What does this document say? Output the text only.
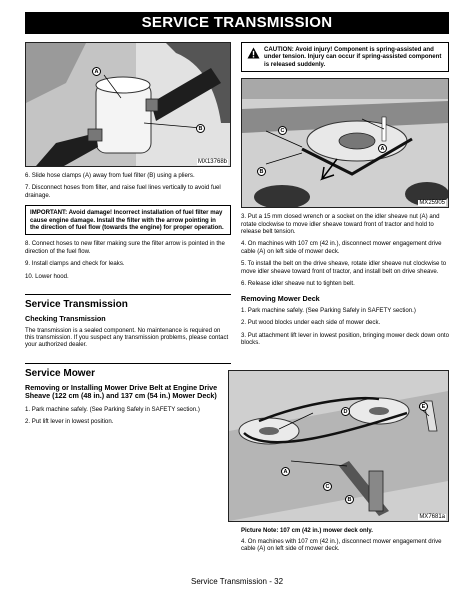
SERVICE TRANSMISSION
A
B
MX13768b

6. Slide hose clamps (A) away from fuel filter (B) using a pliers.

7. Disconnect hoses from filter, and raise fuel lines vertically to avoid fuel drainage.

IMPORTANT: Avoid damage! Incorrect installation of fuel filter may cause engine damage. Install the filter with the arrow pointing in the direction of fuel flow (towards the engine) for proper operation.

8. Connect hoses to new filter making sure the filter arrow is pointed in the direction of the fuel flow.

9. Install clamps and check for leaks.

10. Lower hood.

Service Transmission
Checking Transmission

The transmission is a sealed component. No maintenance is required on this transmission. If you suspect any transmission problems, please contact your authorized dealer.

Service Mower
Removing or Installing Mower Drive Belt at Engine Drive Sheave (122 cm (48 in.) and 137 cm (54 in.) Mower Deck)

1. Park machine safely. (See Parking Safely in SAFETY section.)

2. Put lift lever in lowest position.

CAUTION: Avoid injury! Component is spring-assisted and under tension. Injury can occur if spring-assisted component is released suddenly.
C
A
B
MX25905

3. Put a 15 mm closed wrench or a socket on the idler sheave nut (A) and rotate clockwise to move idler sheave toward front of tractor and hold to release belt tension.

4. On machines with 107 cm (42 in.), disconnect mower engagement drive cable (A) on left side of mower deck.

5. To install the belt on the drive sheave, rotate idler sheave nut clockwise to move idler sheave toward front of tractor, and install belt on drive sheave.

6. Release idler sheave nut to tighten belt.

Removing Mower Deck

1. Park machine safely. (See Parking Safely in SAFETY section.)

2. Put wood blocks under each side of mower deck.

3. Put attachment lift lever in lowest position, bringing mower deck down onto blocks.

D
E
A
C
B
MX7681a

Picture Note: 107 cm (42 in.) mower deck only.

4. On machines with 107 cm (42 in.), disconnect mower engagement drive cable (A) on left side of mower deck.

Service Transmission - 32
